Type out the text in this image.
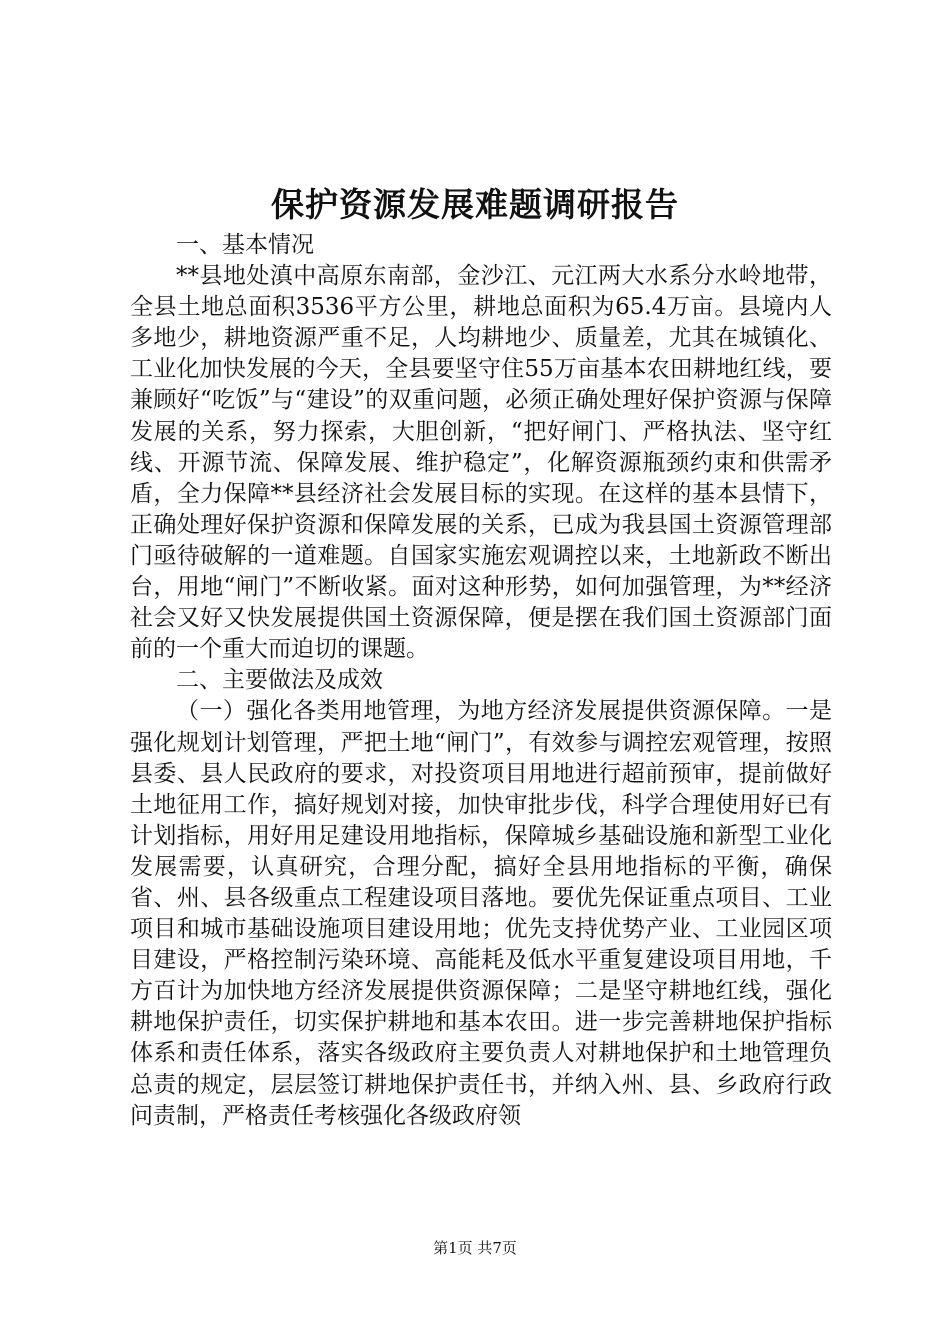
保护资源发展难题调研报告

一、基本情况

**县地处滇中高原东南部，金沙江、元江两大水系分水岭地带，全县土地总面积3536平方公里，耕地总面积为65.4万亩。县境内人多地少，耕地资源严重不足，人均耕地少、质量差，尤其在城镇化、工业化加快发展的今天，全县要坚守住55万亩基本农田耕地红线，要兼顾好“吃饭”与“建设”的双重问题，必须正确处理好保护资源与保障发展的关系，努力探索，大胆创新，“把好闸门、严格执法、坚守红线、开源节流、保障发展、维护稳定”，化解资源瓶颈约束和供需矛盾，全力保障**县经济社会发展目标的实现。在这样的基本县情下，正确处理好保护资源和保障发展的关系，已成为我县国土资源管理部门亟待破解的一道难题。自国家实施宏观调控以来，土地新政不断出台，用地“闸门”不断收紧。面对这种形势，如何加强管理，为**经济社会又好又快发展提供国土资源保障，便是摆在我们国土资源部门面前的一个重大而迫切的课题。

二、主要做法及成效

（一）强化各类用地管理，为地方经济发展提供资源保障。一是强化规划计划管理，严把土地“闸门”，有效参与调控宏观管理，按照县委、县人民政府的要求，对投资项目用地进行超前预审，提前做好土地征用工作，搞好规划对接，加快审批步伐，科学合理使用好已有计划指标，用好用足建设用地指标，保障城乡基础设施和新型工业化发展需要，认真研究，合理分配，搞好全县用地指标的平衡，确保省、州、县各级重点工程建设项目落地。要优先保证重点项目、工业项目和城市基础设施项目建设用地；优先支持优势产业、工业园区项目建设，严格控制污染环境、高能耗及低水平重复建设项目用地，千方百计为加快地方经济发展提供资源保障；二是坚守耕地红线，强化耕地保护责任，切实保护耕地和基本农田。进一步完善耕地保护指标体系和责任体系，落实各级政府主要负责人对耕地保护和土地管理负总责的规定，层层签订耕地保护责任书，并纳入州、县、乡政府行政问责制，严格责任考核强化各级政府领

第1页 共7页
